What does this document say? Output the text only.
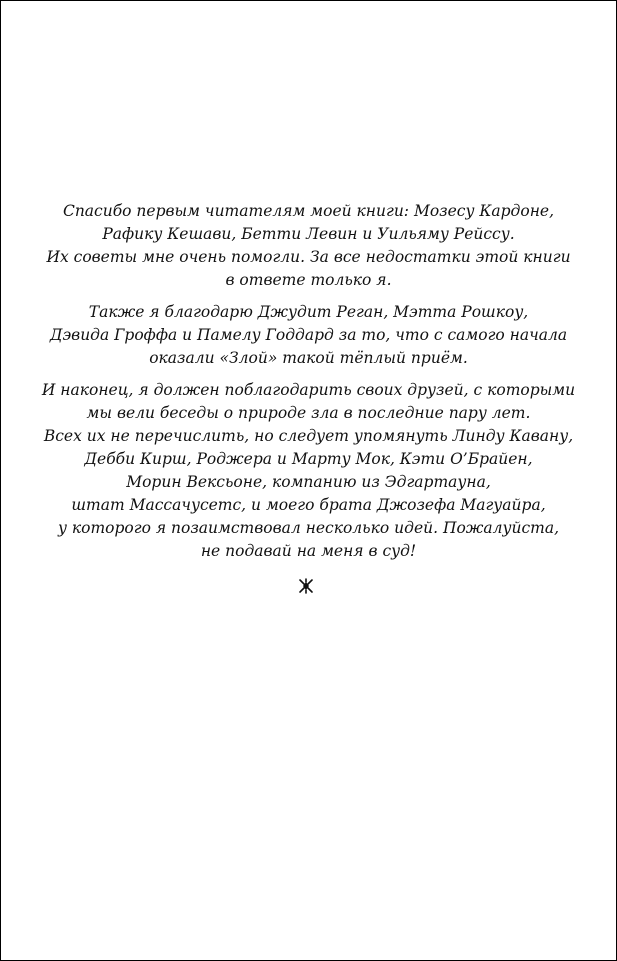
Спасибо первым читателям моей книги: Мозесу Кардоне,
Рафику Кешави, Бетти Левин и Уильяму Рейссу.
Их советы мне очень помогли. За все недостатки этой книги
в ответе только я.

Также я благодарю Джудит Реган, Мэтта Рошкоу,
Дэвида Гроффа и Памелу Годдард за то, что с самого начала
оказали «Злой» такой тёплый приём.

И наконец, я должен поблагодарить своих друзей, с которыми
мы вели беседы о природе зла в последние пару лет.
Всех их не перечислить, но следует упомянуть Линду Кавану,
Дебби Кирш, Роджера и Марту Мок, Кэти О’Брайен,
Морин Вексьоне, компанию из Эдгартауна,
штат Массачусетс, и моего брата Джозефа Магуайра,
у которого я позаимствовал несколько идей. Пожалуйста,
не подавай на меня в суд!
